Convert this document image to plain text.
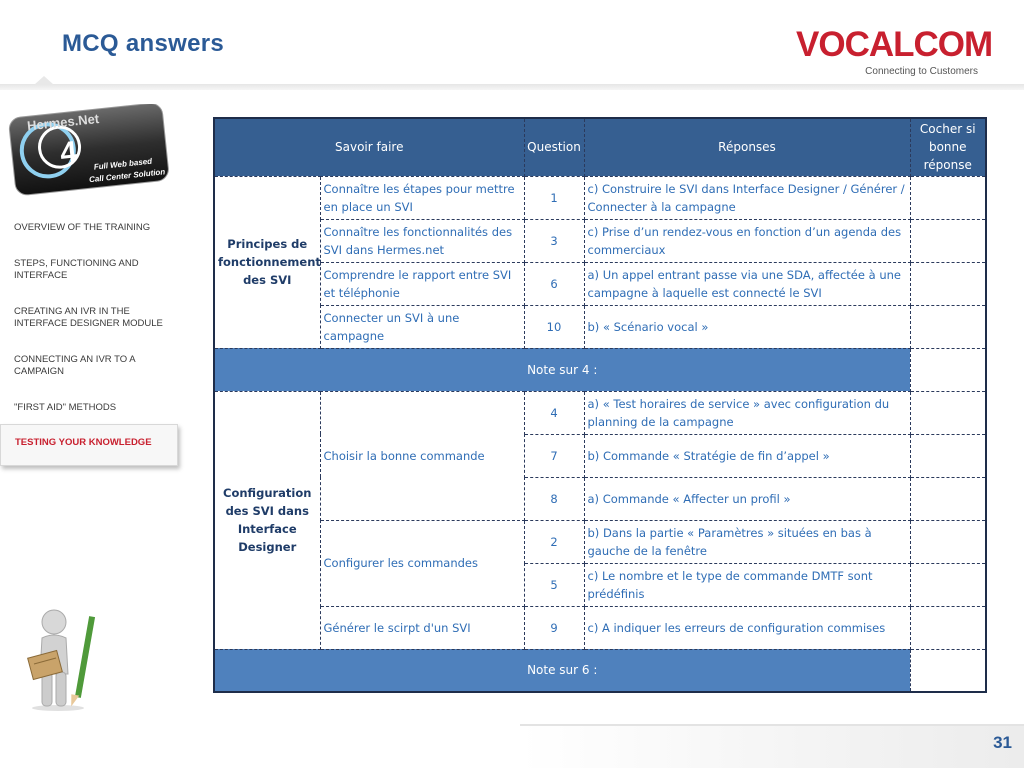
MCQ answers	VOCALCOM
Connecting to Customers
Hermes.Net
4 Full Web based
Call Center Solution
OVERVIEW OF THE TRAINING
STEPS, FUNCTIONING AND INTERFACE
CREATING AN IVR IN THE INTERFACE DESIGNER MODULE
CONNECTING AN IVR TO A CAMPAIGN
"FIRST AID" METHODS
TESTING YOUR KNOWLEDGE
Savoir faire		Question	Réponses	Cocher si bonne réponse
Principes de fonctionnement des SVI	Connaître les étapes pour mettre en place un SVI	1	c) Construire le SVI dans Interface Designer / Générer / Connecter à la campagne	
	Connaître les fonctionnalités des SVI dans Hermes.net	3	c) Prise d’un rendez-vous en fonction d’un agenda des commerciaux	
	Comprendre le rapport entre SVI et téléphonie	6	a) Un appel entrant passe via une SDA, affectée à une campagne à laquelle est connecté le SVI	
	Connecter un SVI à une campagne	10	b) « Scénario vocal »	
Note sur 4 :				
Configuration des SVI dans Interface Designer	Choisir la bonne commande	4	a) « Test horaires de service » avec configuration du planning de la campagne	
		7	b) Commande « Stratégie de fin d’appel »	
		8	a) Commande « Affecter un profil »	
	Configurer les commandes	2	b) Dans la partie « Paramètres » situées en bas à gauche de la fenêtre	
		5	c) Le nombre et le type de commande DMTF sont prédéfinis	
	Générer le scirpt d'un SVI	9	c) A indiquer les erreurs de configuration commises	
Note sur 6 :				
31
